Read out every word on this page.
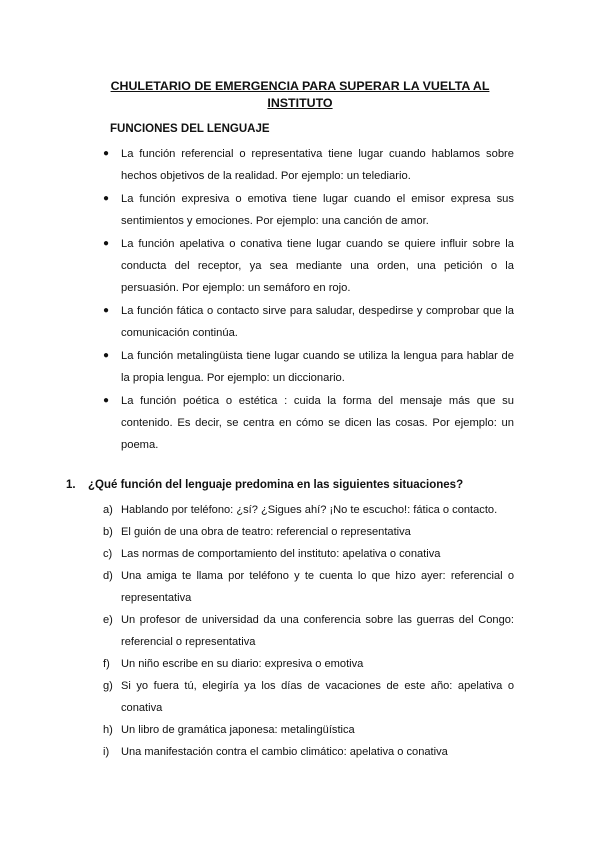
CHULETARIO DE EMERGENCIA PARA SUPERAR LA VUELTA AL INSTITUTO
FUNCIONES DEL LENGUAJE
● La función referencial o representativa tiene lugar cuando hablamos sobre hechos objetivos de la realidad. Por ejemplo: un telediario.
● La función expresiva o emotiva tiene lugar cuando el emisor expresa sus sentimientos y emociones. Por ejemplo: una canción de amor.
● La función apelativa o conativa tiene lugar cuando se quiere influir sobre la conducta del receptor, ya sea mediante una orden, una petición o la persuasión. Por ejemplo: un semáforo en rojo.
● La función fática o contacto sirve para saludar, despedirse y comprobar que la comunicación continúa.
● La función metalingüista tiene lugar cuando se utiliza la lengua para hablar de la propia lengua. Por ejemplo: un diccionario.
● La función poética o estética : cuida la forma del mensaje más que su contenido. Es decir, se centra en cómo se dicen las cosas. Por ejemplo: un poema.
1. ¿Qué función del lenguaje predomina en las siguientes situaciones?
a) Hablando por teléfono: ¿sí? ¿Sigues ahí? ¡No te escucho!: fática o contacto.
b) El guión de una obra de teatro: referencial o representativa
c) Las normas de comportamiento del instituto: apelativa o conativa
d) Una amiga te llama por teléfono y te cuenta lo que hizo ayer: referencial o representativa
e) Un profesor de universidad da una conferencia sobre las guerras del Congo: referencial o representativa
f) Un niño escribe en su diario: expresiva o emotiva
g) Si yo fuera tú, elegiría ya los días de vacaciones de este año: apelativa o conativa
h) Un libro de gramática japonesa: metalingüística
i) Una manifestación contra el cambio climático: apelativa o conativa
